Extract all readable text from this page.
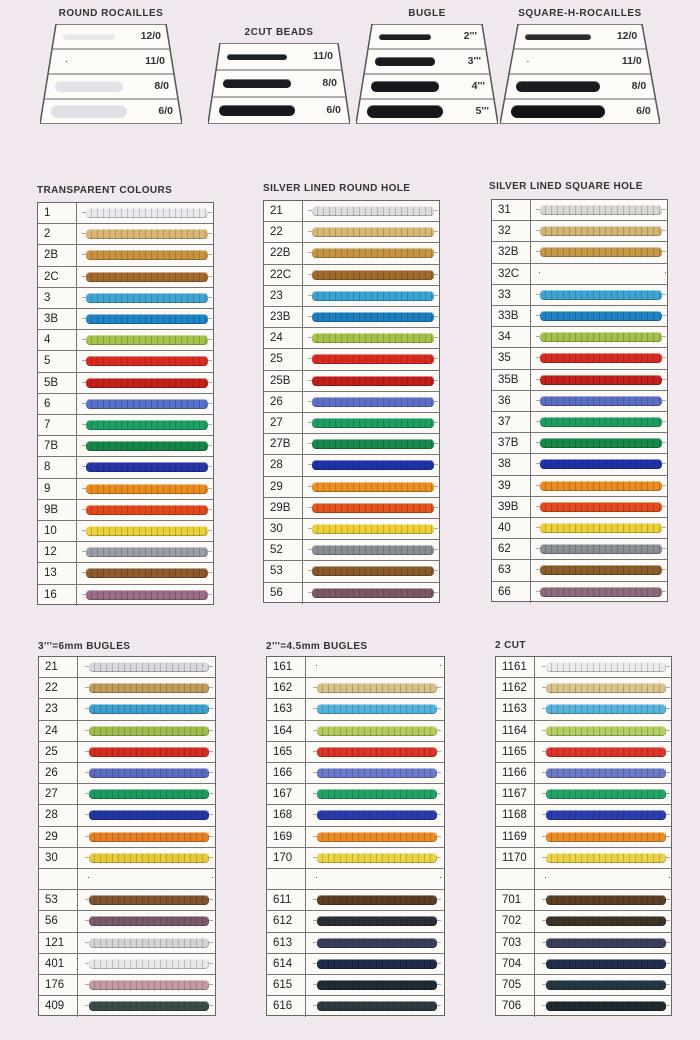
ROUND ROCAILLES
12/0
·	11/0
8/0
6/0
2CUT BEADS
11/0
8/0
6/0
BUGLE
2'''
3'''
4'''
5'''
SQUARE-H-ROCAILLES
12/0
·	11/0
8/0
6/0
TRANSPARENT COLOURS
1
2
2B
2C
3
3B
4
5
5B
6
7
7B
8
9
9B
10
12
13
16
SILVER LINED ROUND HOLE
21
22
22B
22C
23
23B
24
25
25B
26
27
27B
28
29
29B
30
52
53
56
SILVER LINED SQUARE HOLE
31
32
32B
32C	·	·
33
33B
34
35
35B
36
37
37B
38
39
39B
40
62
63
66
3'''=6mm BUGLES
21
22
23
24
25
26
27
28
29
30
·	·
53
56
121
401
176
409
2'''=4.5mm BUGLES
161	·	·
162
163
164
165
166
167
168
169
170
·	·
611
612
613
614
615
616
2 CUT
1161
1162
1163
1164
1165
1166
1167
1168
1169
1170
·	·
701
702
703
704
705
706
